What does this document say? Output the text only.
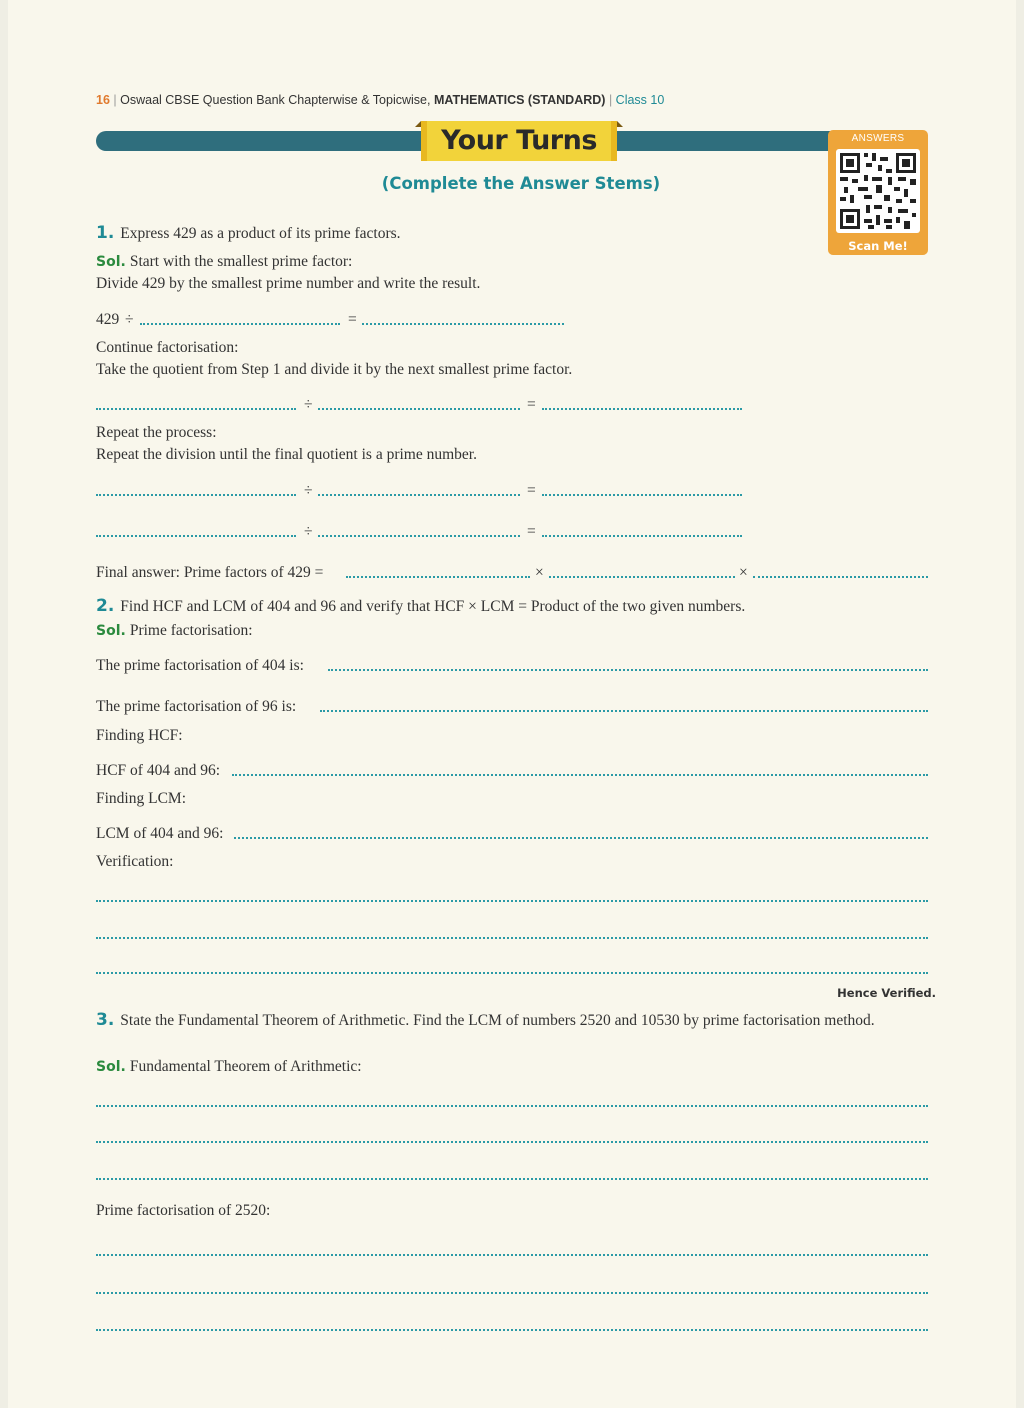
16 | Oswaal CBSE Question Bank Chapterwise & Topicwise, MATHEMATICS (STANDARD) | Class 10
Your Turns
(Complete the Answer Stems)
ANSWERS
Scan Me!
1. Express 429 as a product of its prime factors.
Sol. Start with the smallest prime factor:
Divide 429 by the smallest prime number and write the result.
429 ÷	=
Continue factorisation:
Take the quotient from Step 1 and divide it by the next smallest prime factor.
÷	=
Repeat the process:
Repeat the division until the final quotient is a prime number.
÷	=
÷	=
Final answer: Prime factors of 429 =	×	×
2. Find HCF and LCM of 404 and 96 and verify that HCF × LCM = Product of the two given numbers.
Sol. Prime factorisation:
The prime factorisation of 404 is:
The prime factorisation of 96 is:
Finding HCF:
HCF of 404 and 96:
Finding LCM:
LCM of 404 and 96:
Verification:
Hence Verified.
3. State the Fundamental Theorem of Arithmetic. Find the LCM of numbers 2520 and 10530 by prime factorisation method.
Sol. Fundamental Theorem of Arithmetic:
Prime factorisation of 2520:
